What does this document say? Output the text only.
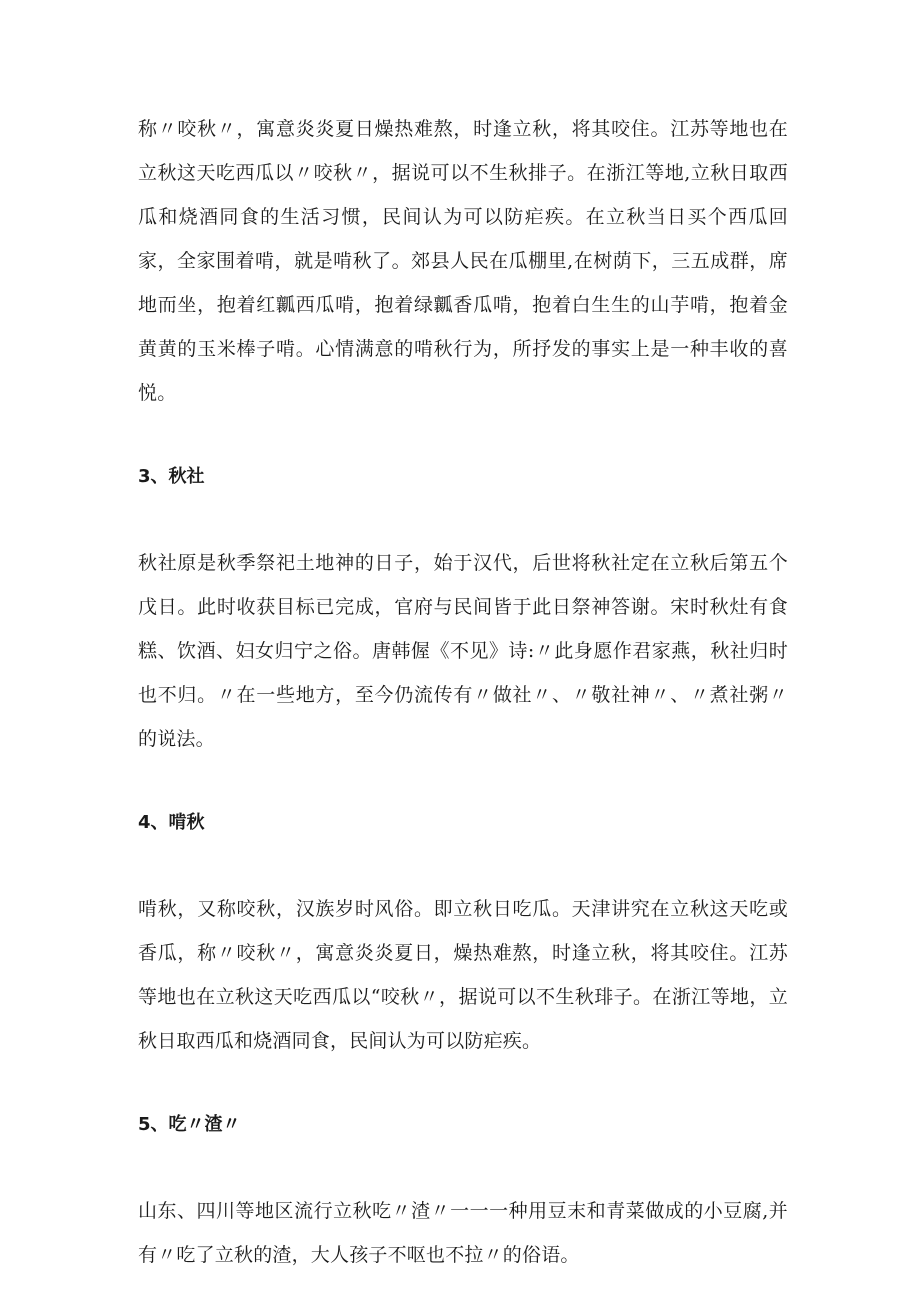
称〃咬秋〃，寓意炎炎夏日燥热难熬，时逢立秋，将其咬住。江苏等地也在立秋这天吃西瓜以〃咬秋〃，据说可以不生秋排子。在浙江等地,立秋日取西瓜和烧酒同食的生活习惯，民间认为可以防疟疾。在立秋当日买个西瓜回家，全家围着啃，就是啃秋了。郊县人民在瓜棚里,在树荫下，三五成群，席地而坐，抱着红瓤西瓜啃，抱着绿瓤香瓜啃，抱着白生生的山芋啃，抱着金黄黄的玉米棒子啃。心情满意的啃秋行为，所抒发的事实上是一种丰收的喜悦。

3、秋社

秋社原是秋季祭祀土地神的日子，始于汉代，后世将秋社定在立秋后第五个戊日。此时收获目标已完成，官府与民间皆于此日祭神答谢。宋时秋灶有食糕、饮酒、妇女归宁之俗。唐韩偓《不见》诗:〃此身愿作君家燕，秋社归时也不归。〃在一些地方，至今仍流传有〃做社〃、〃敬社神〃、〃煮社粥〃的说法。

4、啃秋

啃秋，又称咬秋，汉族岁时风俗。即立秋日吃瓜。天津讲究在立秋这天吃或香瓜，称〃咬秋〃，寓意炎炎夏日，燥热难熬，时逢立秋，将其咬住。江苏等地也在立秋这天吃西瓜以“咬秋〃，据说可以不生秋琲子。在浙江等地，立秋日取西瓜和烧酒同食，民间认为可以防疟疾。

5、吃〃渣〃

山东、四川等地区流行立秋吃〃渣〃一一一种用豆末和青菜做成的小豆腐,并有〃吃了立秋的渣，大人孩子不呕也不拉〃的俗语。
